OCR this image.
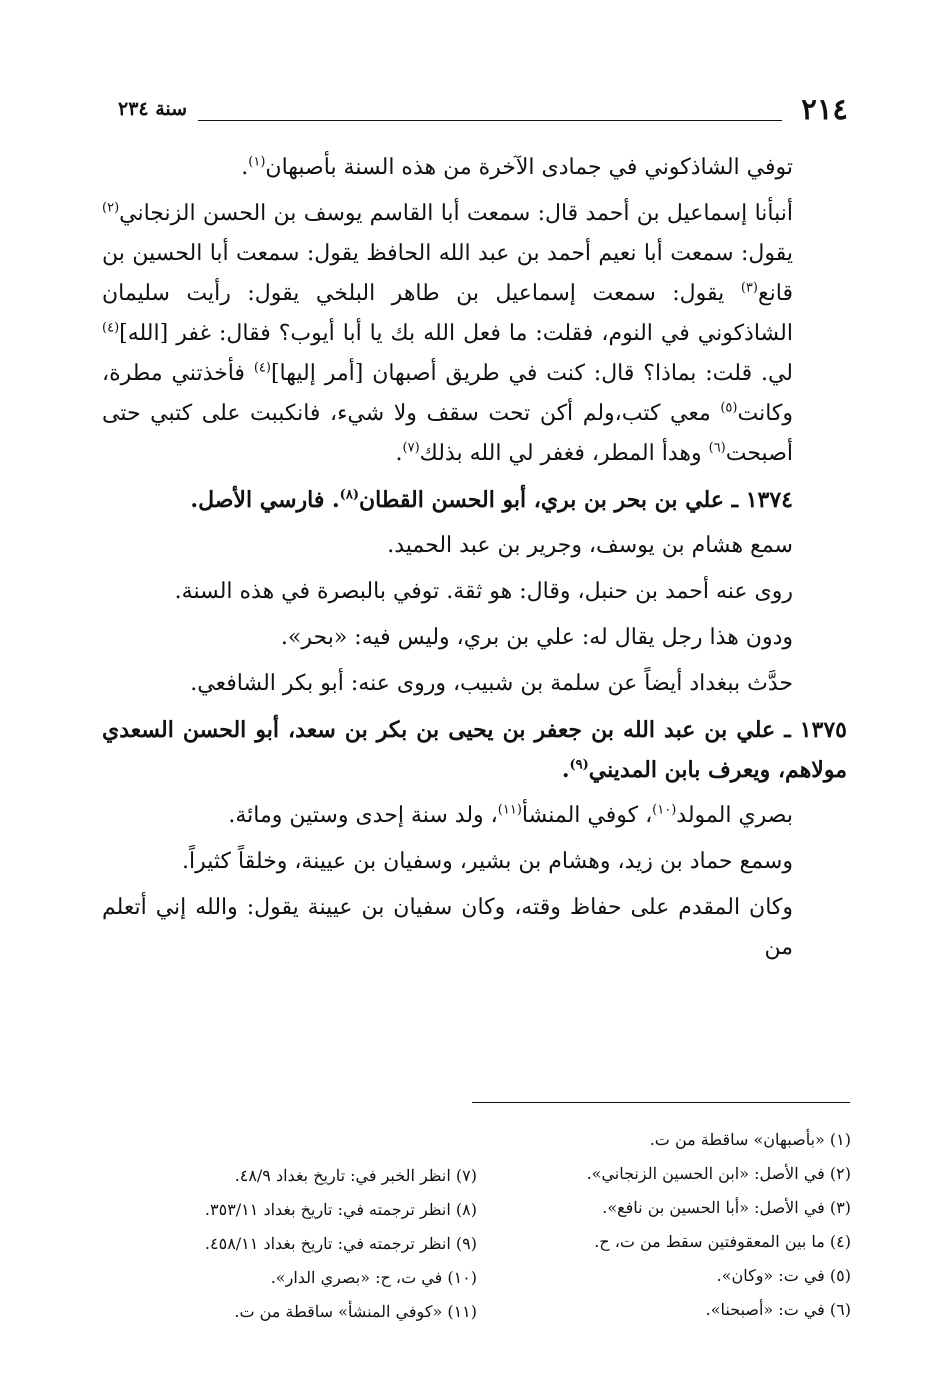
٢١٤
سنة ٢٣٤

توفي الشاذكوني في جمادى الآخرة من هذه السنة بأصبهان$^{(١)}$.

أنبأنا إسماعيل بن أحمد قال: سمعت أبا القاسم يوسف بن الحسن الزنجاني$^{(٢)}$ يقول: سمعت أبا نعيم أحمد بن عبد الله الحافظ يقول: سمعت أبا الحسين بن قانع$^{(٣)}$ يقول: سمعت إسماعيل بن طاهر البلخي يقول: رأيت سليمان الشاذكوني في النوم، فقلت: ما فعل الله بك يا أبا أيوب؟ فقال: غفر [الله]$^{(٤)}$ لي. قلت: بماذا؟ قال: كنت في طريق أصبهان [أمر إليها]$^{(٤)}$ فأخذتني مطرة، وكانت$^{(٥)}$ معي كتب،ولم أكن تحت سقف ولا شيء، فانكببت على كتبي حتى أصبحت$^{(٦)}$ وهدأ المطر، فغفر لي الله بذلك$^{(٧)}$.

١٣٧٤ ـ علي بن بحر بن بري، أبو الحسن القطان$^{(٨)}$. فارسي الأصل.

سمع هشام بن يوسف، وجرير بن عبد الحميد.

روى عنه أحمد بن حنبل، وقال: هو ثقة. توفي بالبصرة في هذه السنة.

ودون هذا رجل يقال له: علي بن بري، وليس فيه: «بحر».

حدَّث ببغداد أيضاً عن سلمة بن شبيب، وروى عنه: أبو بكر الشافعي.

١٣٧٥ ـ علي بن عبد الله بن جعفر بن يحيى بن بكر بن سعد، أبو الحسن السعدي مولاهم، ويعرف بابن المديني$^{(٩)}$.

بصري المولد$^{(١٠)}$، كوفي المنشأ$^{(١١)}$، ولد سنة إحدى وستين ومائة.

وسمع حماد بن زيد، وهشام بن بشير، وسفيان بن عيينة، وخلقاً كثيراً.

وكان المقدم على حفاظ وقته، وكان سفيان بن عيينة يقول: والله إني أتعلم من

(١) «بأصبهان» ساقطة من ت.
(٢) في الأصل: «ابن الحسين الزنجاني».
(٣) في الأصل: «أبا الحسين بن نافع».
(٤) ما بين المعقوفتين سقط من ت، ح.
(٥) في ت: «وكان».
(٦) في ت: «أصبحنا».
(٧) انظر الخبر في: تاريخ بغداد ٤٨/٩.
(٨) انظر ترجمته في: تاريخ بغداد ٣٥٣/١١.
(٩) انظر ترجمته في: تاريخ بغداد ٤٥٨/١١.
(١٠) في ت، ح: «بصري الدار».
(١١) «كوفي المنشأ» ساقطة من ت.
